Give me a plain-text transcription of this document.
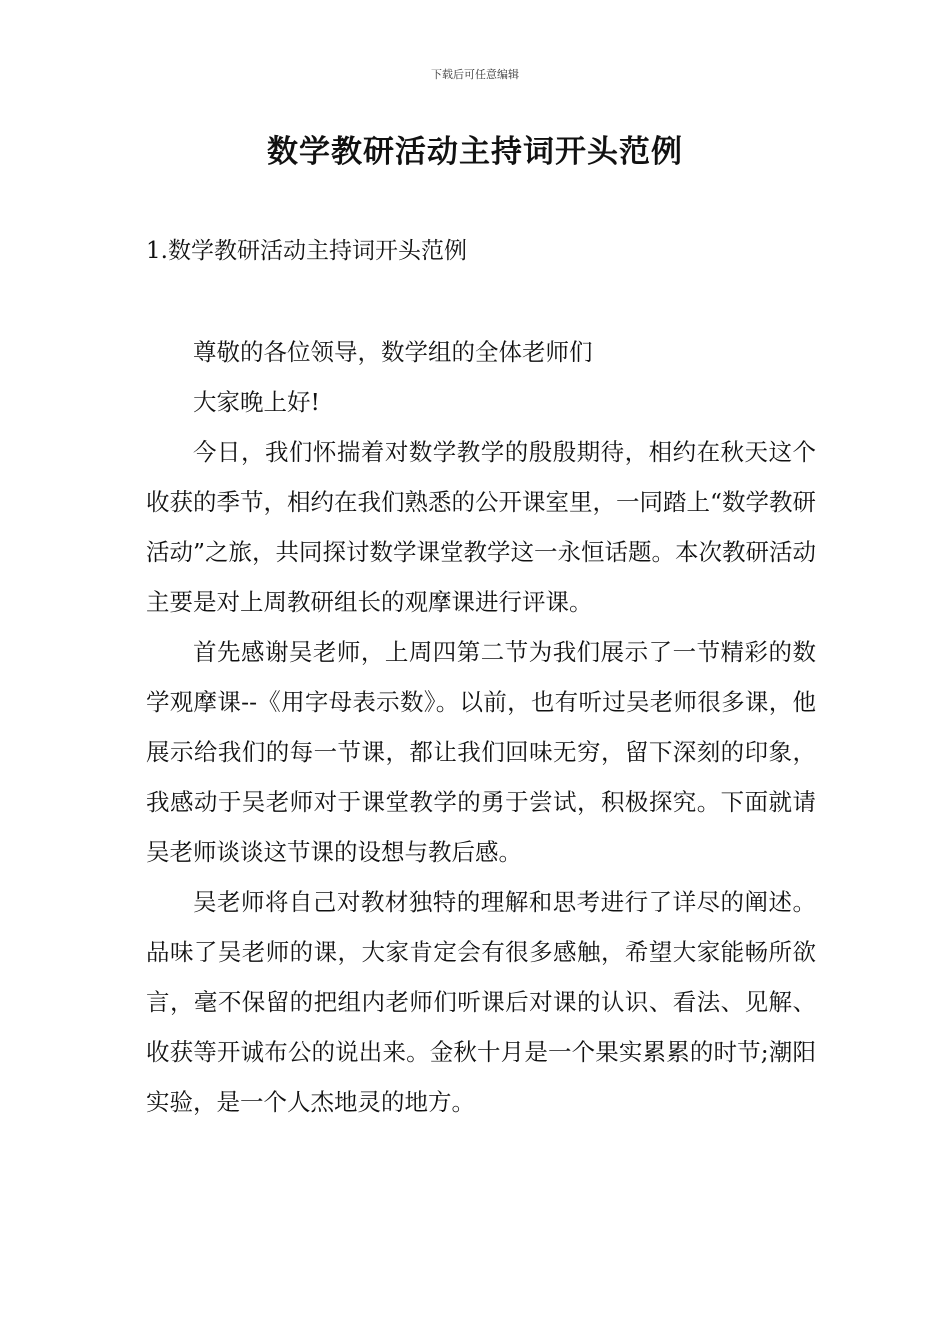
下载后可任意编辑
数学教研活动主持词开头范例
1.数学教研活动主持词开头范例

尊敬的各位领导，数学组的全体老师们

大家晚上好!

今日，我们怀揣着对数学教学的殷殷期待，相约在秋天这个收获的季节，相约在我们熟悉的公开课室里，一同踏上“数学教研活动”之旅，共同探讨数学课堂教学这一永恒话题。本次教研活动主要是对上周教研组长的观摩课进行评课。

首先感谢吴老师，上周四第二节为我们展示了一节精彩的数学观摩课--《用字母表示数》。以前，也有听过吴老师很多课，他展示给我们的每一节课，都让我们回味无穷，留下深刻的印象，我感动于吴老师对于课堂教学的勇于尝试，积极探究。下面就请吴老师谈谈这节课的设想与教后感。

吴老师将自己对教材独特的理解和思考进行了详尽的阐述。品味了吴老师的课，大家肯定会有很多感触，希望大家能畅所欲言，毫不保留的把组内老师们听课后对课的认识、看法、见解、收获等开诚布公的说出来。金秋十月是一个果实累累的时节;潮阳实验，是一个人杰地灵的地方。
